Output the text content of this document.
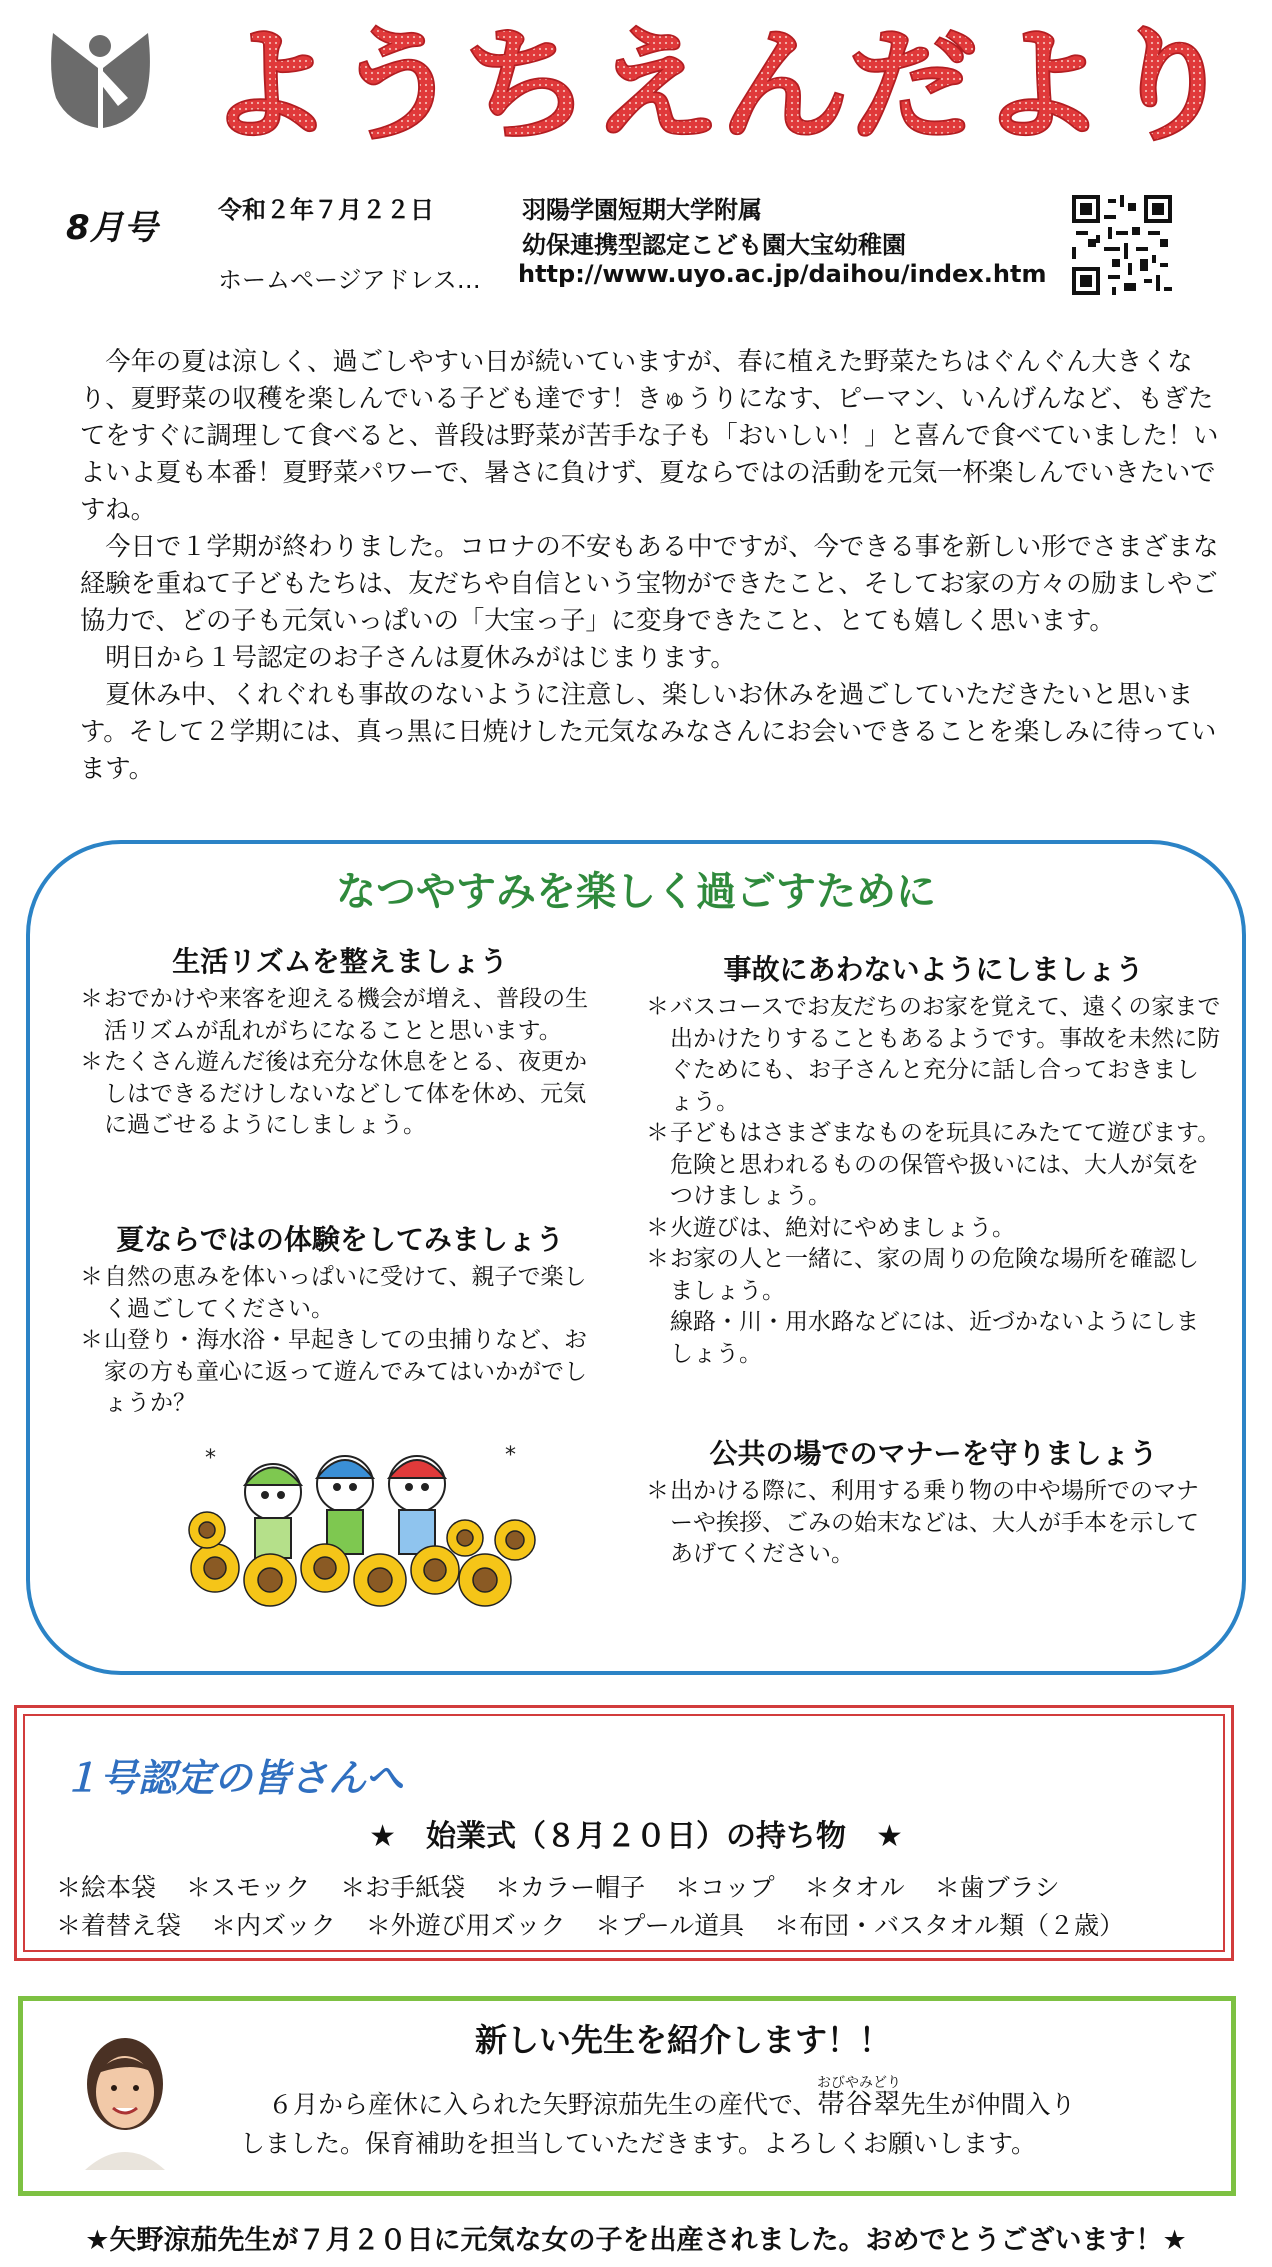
ようちえんだより
8月号	令和２年７月２２日	羽陽学園短期大学附属
幼保連携型認定こども園大宝幼稚園
ホームページアドレス… http://www.uyo.ac.jp/daihou/index.htm

今年の夏は涼しく、過ごしやすい日が続いていますが、春に植えた野菜たちはぐんぐん大きくなり、夏野菜の収穫を楽しんでいる子ども達です！きゅうりになす、ピーマン、いんげんなど、もぎたてをすぐに調理して食べると、普段は野菜が苦手な子も「おいしい！」と喜んで食べていました！いよいよ夏も本番！夏野菜パワーで、暑さに負けず、夏ならではの活動を元気一杯楽しんでいきたいですね。

今日で１学期が終わりました。コロナの不安もある中ですが、今できる事を新しい形でさまざまな経験を重ねて子どもたちは、友だちや自信という宝物ができたこと、そしてお家の方々の励ましやご協力で、どの子も元気いっぱいの「大宝っ子」に変身できたこと、とても嬉しく思います。

明日から１号認定のお子さんは夏休みがはじまります。

夏休み中、くれぐれも事故のないように注意し、楽しいお休みを過ごしていただきたいと思います。そして２学期には、真っ黒に日焼けした元気なみなさんにお会いできることを楽しみに待っています。

なつやすみを楽しく過ごすために
生活リズムを整えましょう
＊おでかけや来客を迎える機会が増え、普段の生活リズムが乱れがちになることと思います。
＊たくさん遊んだ後は充分な休息をとる、夜更かしはできるだけしないなどして体を休め、元気に過ごせるようにしましょう。
夏ならではの体験をしてみましょう
＊自然の恵みを体いっぱいに受けて、親子で楽しく過ごしてください。
＊山登り・海水浴・早起きしての虫捕りなど、お家の方も童心に返って遊んでみてはいかがでしょうか？
事故にあわないようにしましょう
＊バスコースでお友だちのお家を覚えて、遠くの家まで出かけたりすることもあるようです。事故を未然に防ぐためにも、お子さんと充分に話し合っておきましょう。
＊子どもはさまざまなものを玩具にみたてて遊びます。危険と思われるものの保管や扱いには、大人が気をつけましょう。
＊火遊びは、絶対にやめましょう。
＊お家の人と一緒に、家の周りの危険な場所を確認しましょう。
線路・川・用水路などには、近づかないようにしましょう。
公共の場でのマナーを守りましょう
＊出かける際に、利用する乗り物の中や場所でのマナーや挨拶、ごみの始末などは、大人が手本を示してあげてください。
*	*
１号認定の皆さんへ
★　始業式（８月２０日）の持ち物　★
＊絵本袋 ＊スモック ＊お手紙袋 ＊カラー帽子 ＊コップ ＊タオル ＊歯ブラシ
＊着替え袋 ＊内ズック ＊外遊び用ズック ＊プール道具 ＊布団・バスタオル類（２歳）
新しい先生を紹介します！！
６月から産休に入られた矢野涼茄先生の産代で、帯谷翠おびやみどり先生が仲間入り
しました。保育補助を担当していただきます。よろしくお願いします。
★矢野涼茄先生が７月２０日に元気な女の子を出産されました。おめでとうございます！★
